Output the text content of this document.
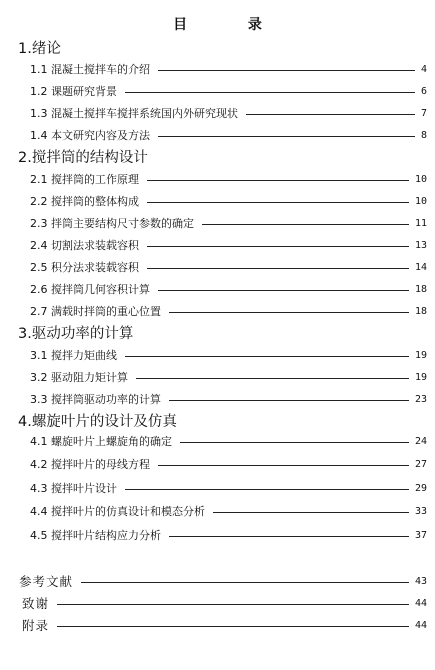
目 录
1.绪论
1.1 混凝土搅拌车的介绍	4
1.2 课题研究背景	6
1.3 混凝土搅拌车搅拌系统国内外研究现状	7
1.4 本文研究内容及方法	8
2.搅拌筒的结构设计
2.1 搅拌筒的工作原理	10
2.2 搅拌筒的整体构成	10
2.3 拌筒主要结构尺寸参数的确定	11
2.4 切割法求装载容积	13
2.5 积分法求装载容积	14
2.6 搅拌筒几何容积计算	18
2.7 满载时拌筒的重心位置	18
3.驱动功率的计算
3.1 搅拌力矩曲线	19
3.2 驱动阻力矩计算	19
3.3 搅拌筒驱动功率的计算	23
4.螺旋叶片的设计及仿真
4.1 螺旋叶片上螺旋角的确定	24
4.2 搅拌叶片的母线方程	27
4.3 搅拌叶片设计	29
4.4 搅拌叶片的仿真设计和模态分析	33
4.5 搅拌叶片结构应力分析	37
参考文献	43
致谢	44
附录	44
